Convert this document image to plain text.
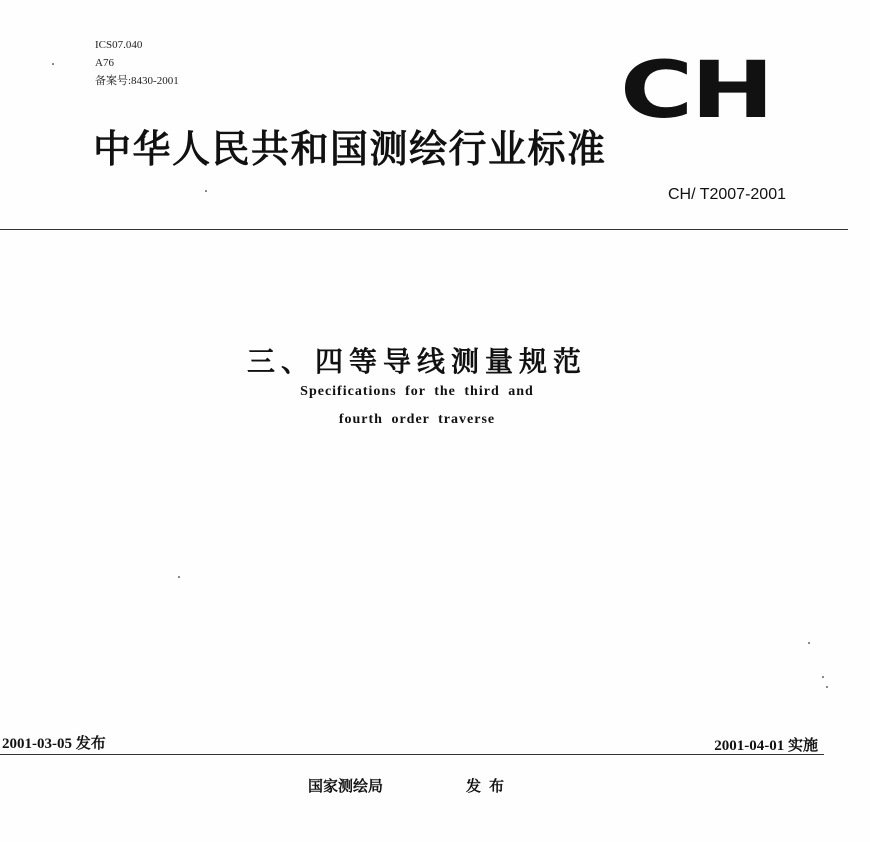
ICS07.040
A76
备案号:8430-2001	CH
中华人民共和国测绘行业标准
CH/ T2007-2001
三、四等导线测量规范
Specifications for the third and
fourth order traverse
2001-03-05 发布	2001-04-01 实施
国家测绘局	发布
